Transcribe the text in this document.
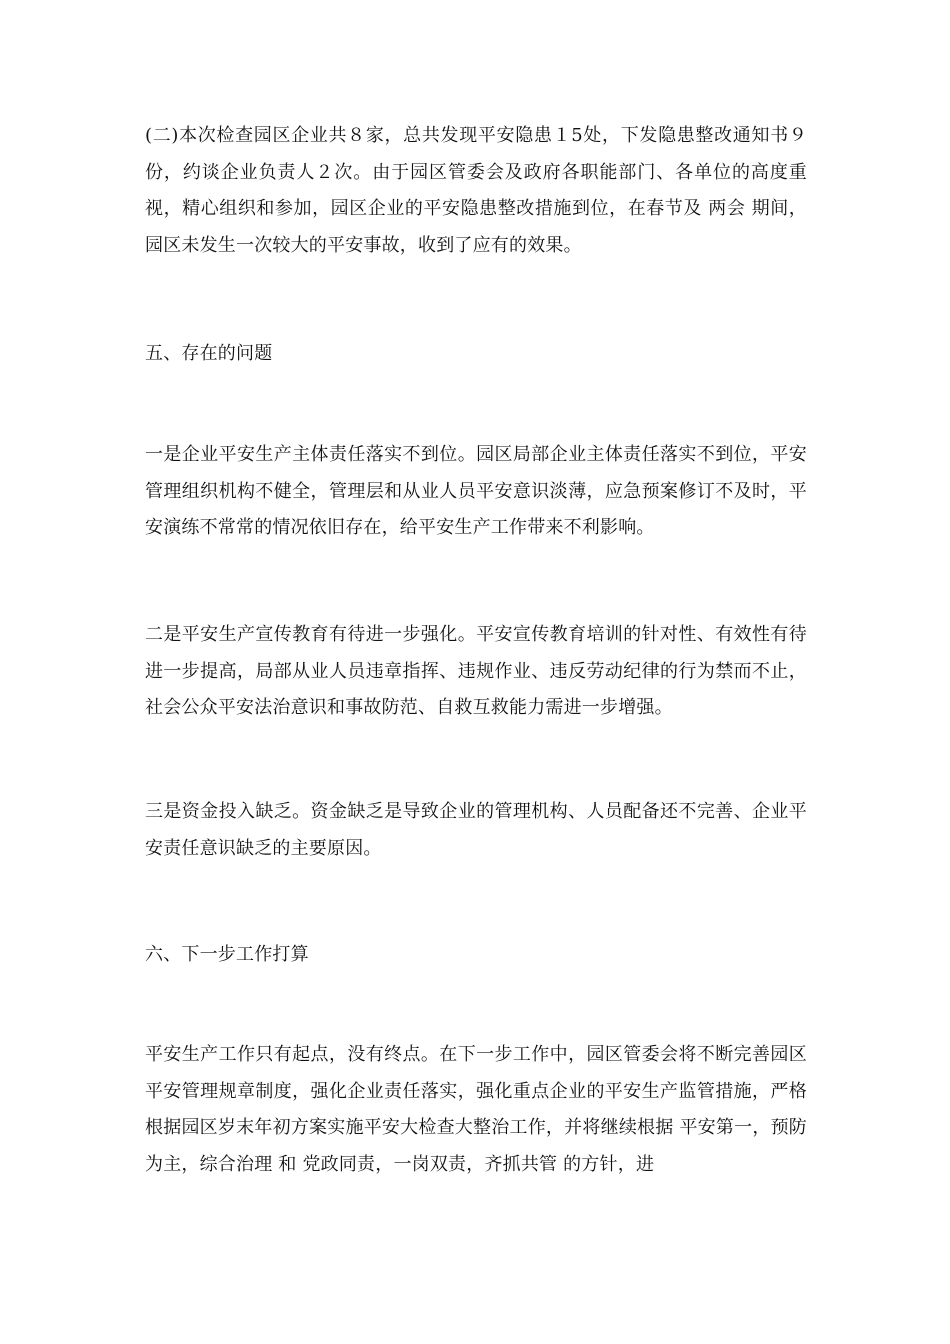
(二)本次检查园区企业共８家，总共发现平安隐患１5处，下发隐患整改通知书９份，约谈企业负责人２次。由于园区管委会及政府各职能部门、各单位的高度重视，精心组织和参加，园区企业的平安隐患整改措施到位，在春节及 两会 期间，园区未发生一次较大的平安事故，收到了应有的效果。

五、存在的问题

一是企业平安生产主体责任落实不到位。园区局部企业主体责任落实不到位，平安管理组织机构不健全，管理层和从业人员平安意识淡薄，应急预案修订不及时，平安演练不常常的情况依旧存在，给平安生产工作带来不利影响。

二是平安生产宣传教育有待进一步强化。平安宣传教育培训的针对性、有效性有待进一步提高，局部从业人员违章指挥、违规作业、违反劳动纪律的行为禁而不止，社会公众平安法治意识和事故防范、自救互救能力需进一步增强。

三是资金投入缺乏。资金缺乏是导致企业的管理机构、人员配备还不完善、企业平安责任意识缺乏的主要原因。

六、下一步工作打算

平安生产工作只有起点，没有终点。在下一步工作中，园区管委会将不断完善园区平安管理规章制度，强化企业责任落实，强化重点企业的平安生产监管措施，严格根据园区岁末年初方案实施平安大检查大整治工作，并将继续根据 平安第一，预防为主，综合治理 和 党政同责，一岗双责，齐抓共管 的方针，进
